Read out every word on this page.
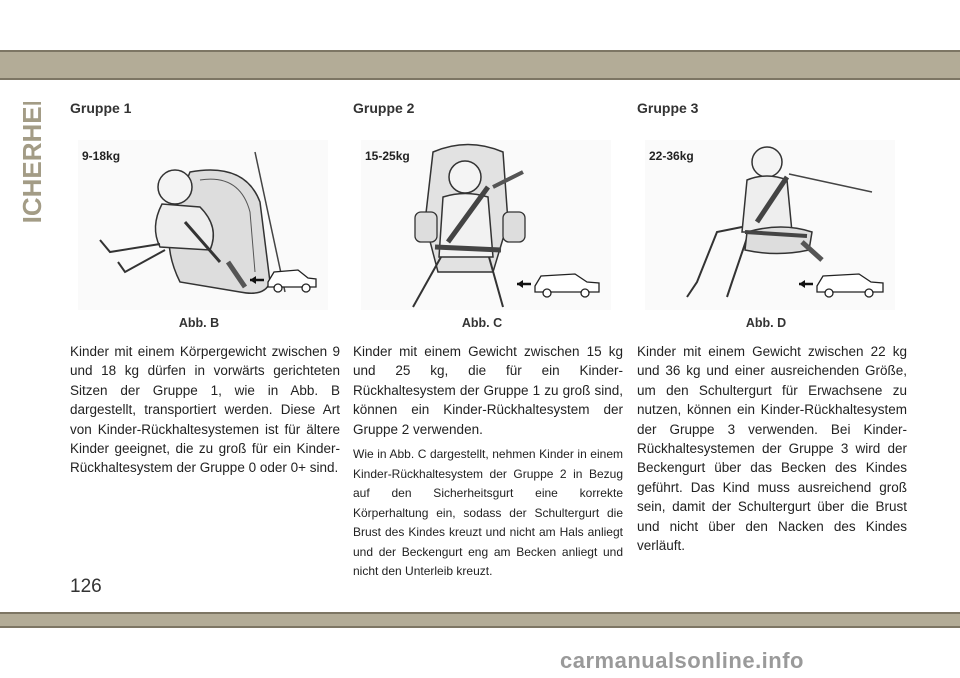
SICHERHEIT Gruppe 1
9-18kg
Abb. B
Kinder mit einem Körpergewicht zwischen 9 und 18 kg dürfen in vorwärts gerichteten Sitzen der Gruppe 1, wie in Abb. B dargestellt, transportiert werden. Diese Art von Kinder-Rückhaltesystemen ist für ältere Kinder geeignet, die zu groß für ein Kinder-Rückhaltesystem der Gruppe 0 oder 0+ sind.
Gruppe 2
15-25kg
Abb. C
Kinder mit einem Gewicht zwischen 15 kg und 25 kg, die für ein Kinder-Rückhaltesystem der Gruppe 1 zu groß sind, können ein Kinder-Rückhaltesystem der Gruppe 2 verwenden.
Wie in Abb. C dargestellt, nehmen Kinder in einem Kinder-Rückhaltesystem der Gruppe 2 in Bezug auf den Sicherheitsgurt eine korrekte Körperhaltung ein, sodass der Schultergurt die Brust des Kindes kreuzt und nicht am Hals anliegt und der Beckengurt eng am Becken anliegt und nicht den Unterleib kreuzt.
Gruppe 3
22-36kg
Abb. D
Kinder mit einem Gewicht zwischen 22 kg und 36 kg und einer ausreichenden Größe, um den Schultergurt für Erwachsene zu nutzen, können ein Kinder-Rückhaltesystem der Gruppe 3 verwenden. Bei Kinder-Rückhaltesystemen der Gruppe 3 wird der Beckengurt über das Becken des Kindes geführt. Das Kind muss ausreichend groß sein, damit der Schultergurt über die Brust und nicht über den Nacken des Kindes verläuft.
126
carmanualsonline.info
